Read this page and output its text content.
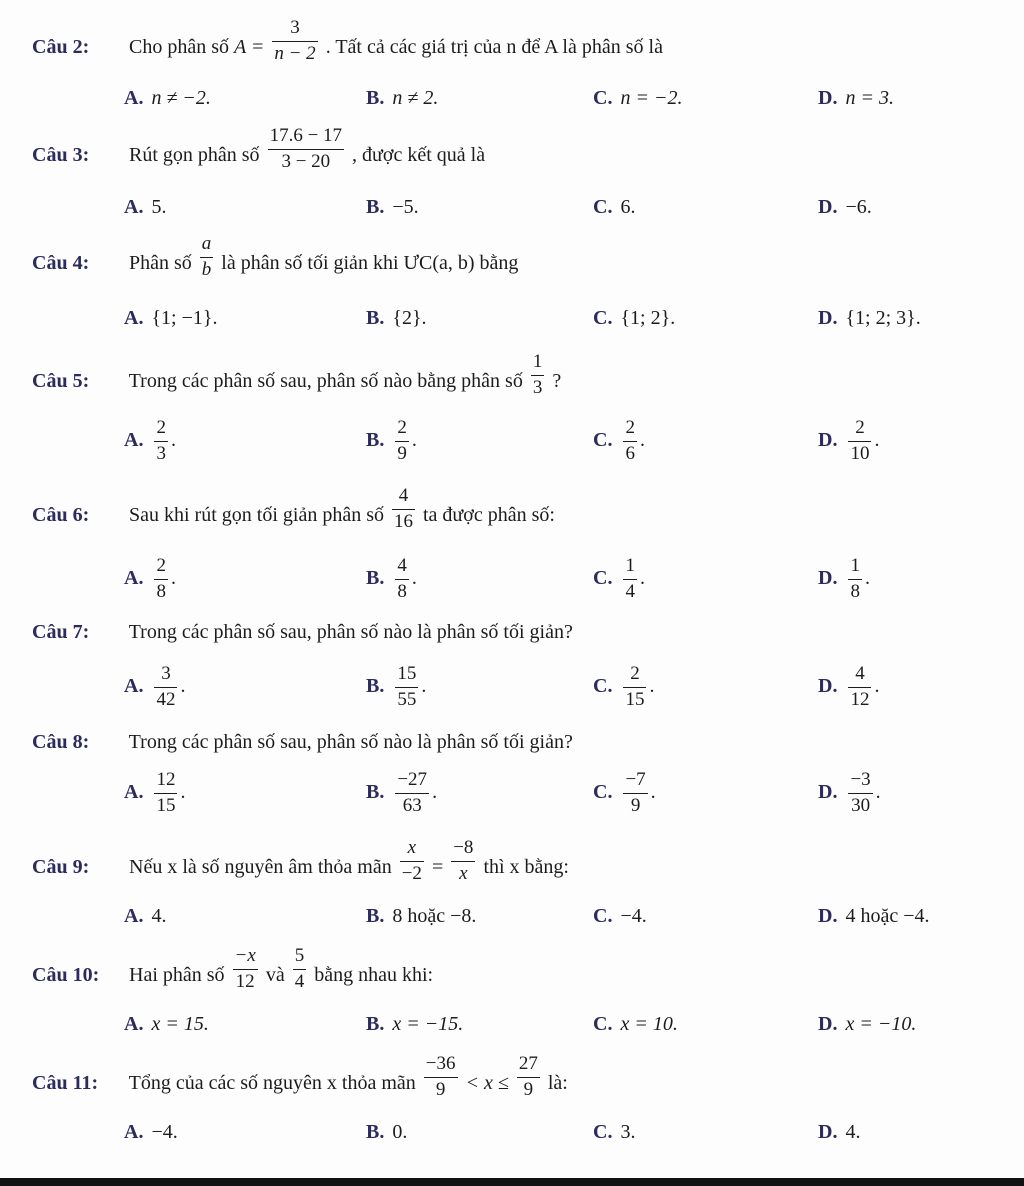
Câu 2: Cho phân số $A = \frac{3}{n - 2}$ . Tất cả các giá trị của n để A là phân số là
A. n ≠ −2.	B. n ≠ 2.	C. n = −2.	D. n = 3.
Câu 3: Rút gọn phân số $\frac{17.6 - 17}{3 - 20}$ , được kết quả là
A. 5.	B. −5.	C. 6.	D. −6.
Câu 4: Phân số $\frac{a}{b}$ là phân số tối giản khi ƯC(a, b) bằng
A. {1; −1}.	B. {2}.	C. {1; 2}.	D. {1; 2; 3}.
Câu 5: Trong các phân số sau, phân số nào bằng phân số $\frac{1}{3}$ ?
A. $\frac{2}{3}$ .	B. $\frac{2}{9}$ .	C. $\frac{2}{6}$ .	D. $\frac{2}{10}$ .
Câu 6: Sau khi rút gọn tối giản phân số $\frac{4}{16}$ ta được phân số:
A. $\frac{2}{8}$ .	B. $\frac{4}{8}$ .	C. $\frac{1}{4}$ .	D. $\frac{1}{8}$ .
Câu 7: Trong các phân số sau, phân số nào là phân số tối giản?
A. $\frac{3}{42}$ .	B. $\frac{15}{55}$ .	C. $\frac{2}{15}$ .	D. $\frac{4}{12}$ .
Câu 8: Trong các phân số sau, phân số nào là phân số tối giản?
A. $\frac{12}{15}$ .	B. $\frac{-27}{63}$ .	C. $\frac{-7}{9}$ .	D. $\frac{-3}{30}$ .
Câu 9: Nếu x là số nguyên âm thỏa mãn $\frac{x}{-2} = \frac{-8}{x}$ thì x bằng:
A. 4.	B. 8 hoặc −8.	C. −4.	D. 4 hoặc −4.
Câu 10: Hai phân số $\frac{-x}{12}$ và $\frac{5}{4}$ bằng nhau khi:
A. x = 15.	B. x = −15.	C. x = 10.	D. x = −10.
Câu 11: Tổng của các số nguyên x thỏa mãn $\frac{-36}{9} < x \le \frac{27}{9}$ là:
A. −4.	B. 0.	C. 3.	D. 4.
